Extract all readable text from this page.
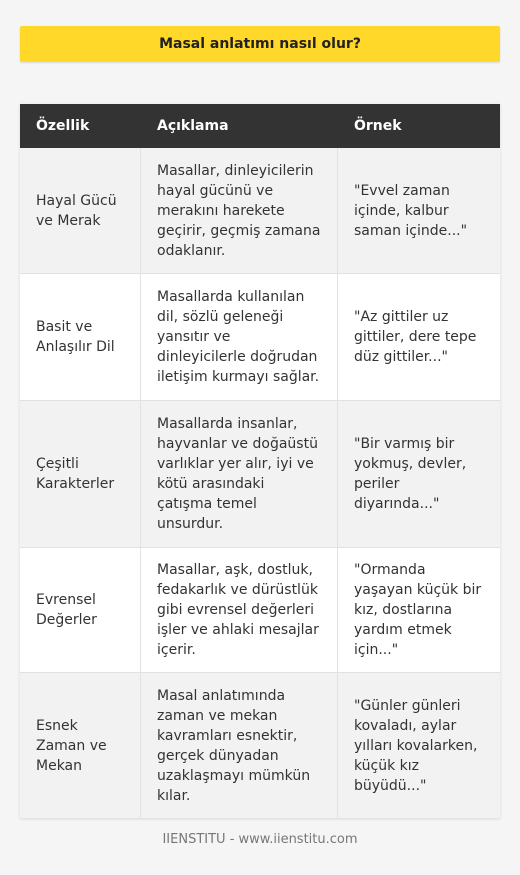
Masal anlatımı nasıl olur?
Özellik	Açıklama	Örnek
Hayal Gücü ve Merak
Masallar, dinleyicilerin hayal gücünü ve merakını harekete geçirir, geçmiş zamana odaklanır.
"Evvel zaman içinde, kalbur saman içinde..."
Basit ve Anlaşılır Dil
Masallarda kullanılan dil, sözlü geleneği yansıtır ve dinleyicilerle doğrudan iletişim kurmayı sağlar.
"Az gittiler uz gittiler, dere tepe düz gittiler..."
Çeşitli Karakterler
Masallarda insanlar, hayvanlar ve doğaüstü varlıklar yer alır, iyi ve kötü arasındaki çatışma temel unsurdur.
"Bir varmış bir yokmuş, devler, periler diyarında..."
Evrensel Değerler
Masallar, aşk, dostluk, fedakarlık ve dürüstlük gibi evrensel değerleri işler ve ahlaki mesajlar içerir.
"Ormanda yaşayan küçük bir kız, dostlarına yardım etmek için..."
Esnek Zaman ve Mekan
Masal anlatımında zaman ve mekan kavramları esnektir, gerçek dünyadan uzaklaşmayı mümkün kılar.
"Günler günleri kovaladı, aylar yılları kovalarken, küçük kız büyüdü..."
IIENSTITU - www.iienstitu.com
